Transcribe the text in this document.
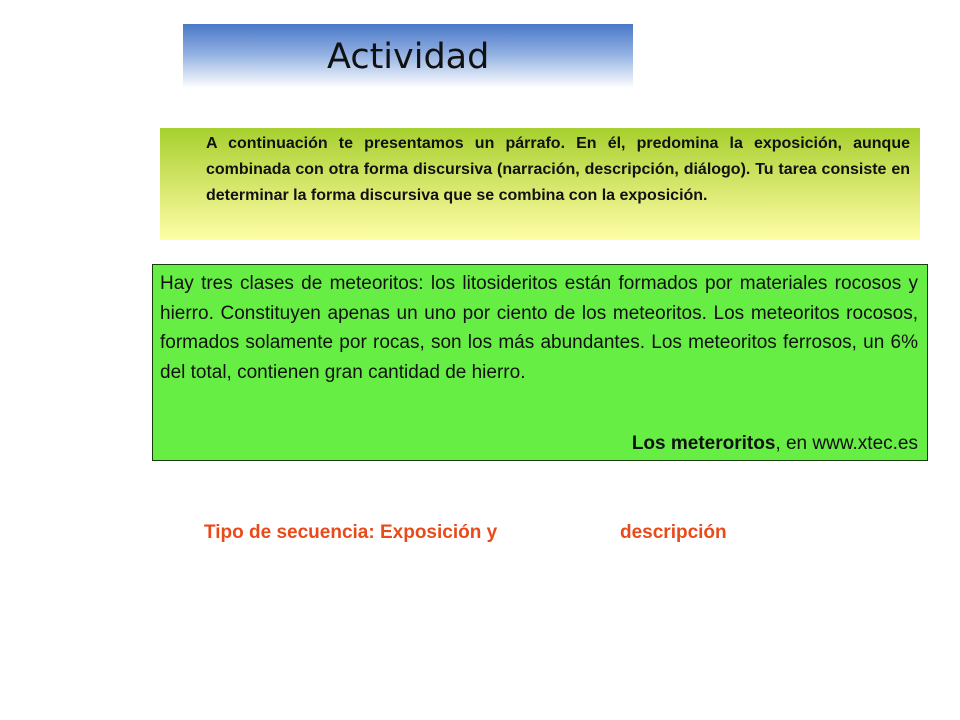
Actividad
A continuación te presentamos un párrafo. En él, predomina la exposición, aunque combinada con otra forma discursiva (narración, descripción, diálogo). Tu tarea consiste en determinar la forma discursiva que se combina con la exposición.
Hay tres clases de meteoritos: los litosideritos están formados por materiales rocosos y hierro. Constituyen apenas un uno por ciento de los meteoritos. Los meteoritos rocosos, formados solamente por rocas, son los más abundantes. Los meteoritos ferrosos, un 6% del total, contienen gran cantidad de hierro.
Los meteroritos, en www.xtec.es
Tipo de secuencia: Exposición y	descripción
